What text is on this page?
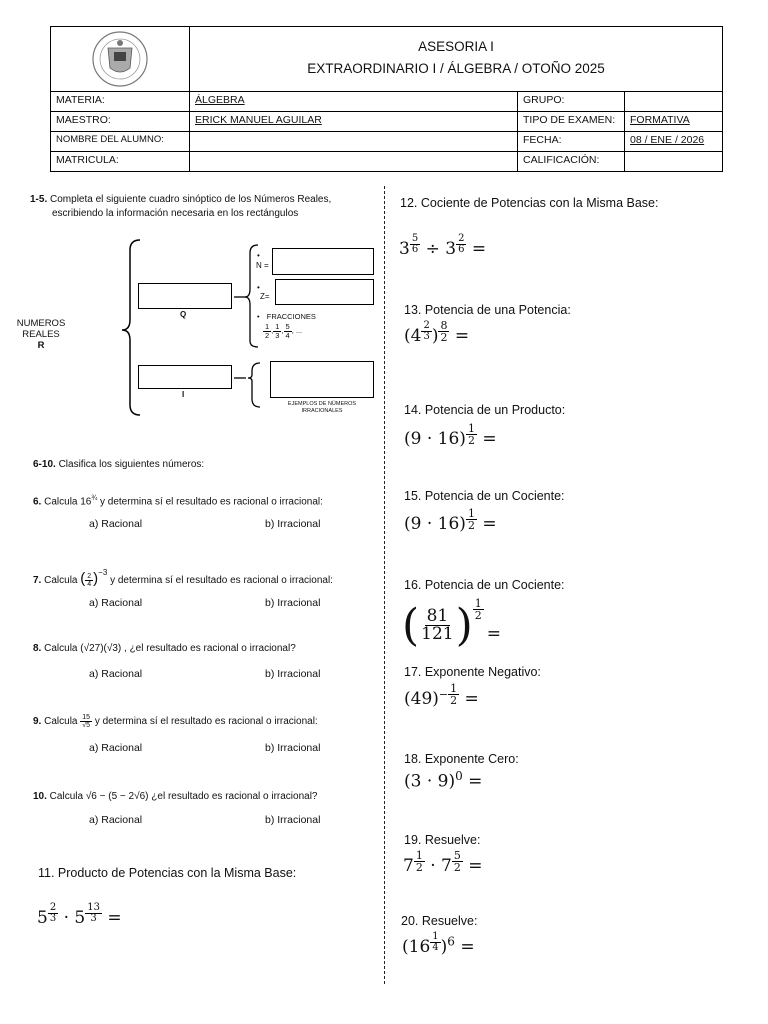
ASESORIA I
EXTRAORDINARIO I / ÁLGEBRA / OTOÑO 2025
MATERIA:	ÁLGEBRA	GRUPO:
MAESTRO:	ERICK MANUEL AGUILAR	TIPO DE EXAMEN:	FORMATIVA
NOMBRE DEL ALUMNO:	FECHA:	08 / ENE / 2026
MATRICULA:	CALIFICACIÓN:
1-5. Completa el siguiente cuadro sinóptico de los Números Reales,
escribiendo la información necesaria en los rectángulos
NUMEROS REALES
R
Q
I
•
N =
•
Z=
• FRACCIONES
$\frac{1}{2}$ , $\frac{1}{3}$ , $\frac{5}{4}$ , ...
EJEMPLOS DE NÚMEROS
IRRACIONALES
6-10. Clasifica los siguientes números:
6. Calcula $16^{\frac{3}{4}}$ y determina sí el resultado es racional o irracional:
a) Racional	b) Irracional
7. Calcula ( $\frac{2}{4} )^{-3}$ y determina sí el resultado es racional o irracional:
a) Racional	b) Irracional
8. Calcula (√27)(√3) , ¿el resultado es racional o irracional?
a) Racional	b) Irracional
9. Calcula $\frac{15}{√5}$ y determina sí el resultado es racional o irracional:
a) Racional	b) Irracional
10. Calcula √6 − (5 − 2√6) ¿el resultado es racional o irracional?
a) Racional	b) Irracional
11. Producto de Potencias con la Misma Base:
5 $^{\frac{2}{3}}$ · 5 $^{\frac{13}{3}}$ =
12. Cociente de Potencias con la Misma Base:
3 $^{\frac{5}{6}}$ ÷ 3 $^{\frac{2}{6}}$ =
13. Potencia de una Potencia:
(4 $^{\frac{2}{3}}$ ) $^{\frac{8}{2}}$ =
14. Potencia de un Producto:
(9 · 16) $^{\frac{1}{2}}$ =
15. Potencia de un Cociente:
(9 · 16) $^{\frac{1}{2}}$ =
16. Potencia de un Cociente:
( $\frac{81}{121}$ ) $\frac{1}{2}$
=
17. Exponente Negativo:
$(49)^{- \frac{1}{2}}$ =
18. Exponente Cero:
$(3 \cdot 9)^0$ =
19. Resuelve:
7 $^{\frac{1}{2}}$ · 7 $^{\frac{5}{2}}$ =
20. Resuelve:
(16 $^{\frac{1}{4}}$ )$^6$ =
